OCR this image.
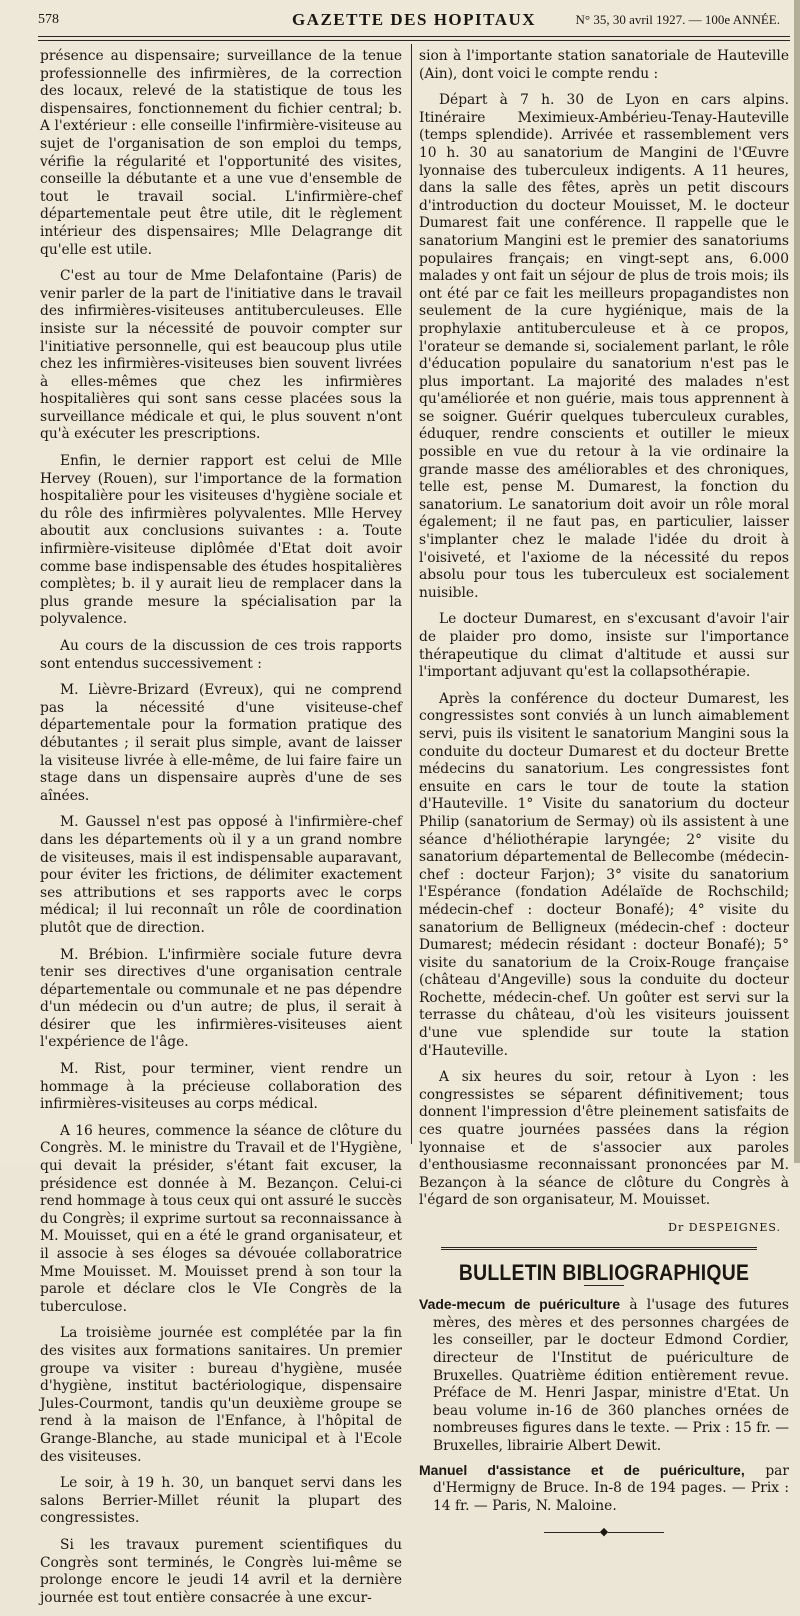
578	GAZETTE DES HOPITAUX	N° 35, 30 avril 1927. — 100e ANNÉE.

présence au dispensaire; surveillance de la tenue professionnelle des infirmières, de la correction des locaux, relevé de la statistique de tous les dispensaires, fonctionnement du fichier central; b. A l'extérieur : elle conseille l'infirmière-visiteuse au sujet de l'organisation de son emploi du temps, vérifie la régularité et l'opportunité des visites, conseille la débutante et a une vue d'ensemble de tout le travail social. L'infirmière-chef départementale peut être utile, dit le règlement intérieur des dispensaires; Mlle Delagrange dit qu'elle est utile.

C'est au tour de Mme Delafontaine (Paris) de venir parler de la part de l'initiative dans le travail des infirmières-visiteuses antituberculeuses. Elle insiste sur la nécessité de pouvoir compter sur l'initiative personnelle, qui est beaucoup plus utile chez les infirmières-visiteuses bien souvent livrées à elles-mêmes que chez les infirmières hospitalières qui sont sans cesse placées sous la surveillance médicale et qui, le plus souvent n'ont qu'à exécuter les prescriptions.

Enfin, le dernier rapport est celui de Mlle Hervey (Rouen), sur l'importance de la formation hospitalière pour les visiteuses d'hygiène sociale et du rôle des infirmières polyvalentes. Mlle Hervey aboutit aux conclusions suivantes : a. Toute infirmière-visiteuse diplômée d'Etat doit avoir comme base indispensable des études hospitalières complètes; b. il y aurait lieu de remplacer dans la plus grande mesure la spécialisation par la polyvalence.

Au cours de la discussion de ces trois rapports sont entendus successivement :

M. Lièvre-Brizard (Evreux), qui ne comprend pas la nécessité d'une visiteuse-chef départementale pour la formation pratique des débutantes ; il serait plus simple, avant de laisser la visiteuse livrée à elle-même, de lui faire faire un stage dans un dispensaire auprès d'une de ses aînées.

M. Gaussel n'est pas opposé à l'infirmière-chef dans les départements où il y a un grand nombre de visiteuses, mais il est indispensable auparavant, pour éviter les frictions, de délimiter exactement ses attributions et ses rapports avec le corps médical; il lui reconnaît un rôle de coordination plutôt que de direction.

M. Brébion. L'infirmière sociale future devra tenir ses directives d'une organisation centrale départementale ou communale et ne pas dépendre d'un médecin ou d'un autre; de plus, il serait à désirer que les infirmières-visiteuses aient l'expérience de l'âge.

M. Rist, pour terminer, vient rendre un hommage à la précieuse collaboration des infirmières-visiteuses au corps médical.

A 16 heures, commence la séance de clôture du Congrès. M. le ministre du Travail et de l'Hygiène, qui devait la présider, s'étant fait excuser, la présidence est donnée à M. Bezançon. Celui-ci rend hommage à tous ceux qui ont assuré le succès du Congrès; il exprime surtout sa reconnaissance à M. Mouisset, qui en a été le grand organisateur, et il associe à ses éloges sa dévouée collaboratrice Mme Mouisset. M. Mouisset prend à son tour la parole et déclare clos le VIe Congrès de la tuberculose.

La troisième journée est complétée par la fin des visites aux formations sanitaires. Un premier groupe va visiter : bureau d'hygiène, musée d'hygiène, institut bactériologique, dispensaire Jules-Courmont, tandis qu'un deuxième groupe se rend à la maison de l'Enfance, à l'hôpital de Grange-Blanche, au stade municipal et à l'Ecole des visiteuses.

Le soir, à 19 h. 30, un banquet servi dans les salons Berrier-Millet réunit la plupart des congressistes.

Si les travaux purement scientifiques du Congrès sont terminés, le Congrès lui-même se prolonge encore le jeudi 14 avril et la dernière journée est tout entière consacrée à une excur-

sion à l'importante station sanatoriale de Hauteville (Ain), dont voici le compte rendu :

Départ à 7 h. 30 de Lyon en cars alpins. Itinéraire Meximieux-Ambérieu-Tenay-Hauteville (temps splendide). Arrivée et rassemblement vers 10 h. 30 au sanatorium de Mangini de l'Œuvre lyonnaise des tuberculeux indigents. A 11 heures, dans la salle des fêtes, après un petit discours d'introduction du docteur Mouisset, M. le docteur Dumarest fait une conférence. Il rappelle que le sanatorium Mangini est le premier des sanatoriums populaires français; en vingt-sept ans, 6.000 malades y ont fait un séjour de plus de trois mois; ils ont été par ce fait les meilleurs propagandistes non seulement de la cure hygiénique, mais de la prophylaxie antituberculeuse et à ce propos, l'orateur se demande si, socialement parlant, le rôle d'éducation populaire du sanatorium n'est pas le plus important. La majorité des malades n'est qu'améliorée et non guérie, mais tous apprennent à se soigner. Guérir quelques tuberculeux curables, éduquer, rendre conscients et outiller le mieux possible en vue du retour à la vie ordinaire la grande masse des améliorables et des chroniques, telle est, pense M. Dumarest, la fonction du sanatorium. Le sanatorium doit avoir un rôle moral également; il ne faut pas, en particulier, laisser s'implanter chez le malade l'idée du droit à l'oisiveté, et l'axiome de la nécessité du repos absolu pour tous les tuberculeux est socialement nuisible.

Le docteur Dumarest, en s'excusant d'avoir l'air de plaider pro domo, insiste sur l'importance thérapeutique du climat d'altitude et aussi sur l'important adjuvant qu'est la collapsothérapie.

Après la conférence du docteur Dumarest, les congressistes sont conviés à un lunch aimablement servi, puis ils visitent le sanatorium Mangini sous la conduite du docteur Dumarest et du docteur Brette médecins du sanatorium. Les congressistes font ensuite en cars le tour de toute la station d'Hauteville. 1° Visite du sanatorium du docteur Philip (sanatorium de Sermay) où ils assistent à une séance d'héliothérapie laryngée; 2° visite du sanatorium départemental de Bellecombe (médecin-chef : docteur Farjon); 3° visite du sanatorium l'Espérance (fondation Adélaïde de Rochschild; médecin-chef : docteur Bonafé); 4° visite du sanatorium de Belligneux (médecin-chef : docteur Dumarest; médecin résidant : docteur Bonafé); 5° visite du sanatorium de la Croix-Rouge française (château d'Angeville) sous la conduite du docteur Rochette, médecin-chef. Un goûter est servi sur la terrasse du château, d'où les visiteurs jouissent d'une vue splendide sur toute la station d'Hauteville.

A six heures du soir, retour à Lyon : les congressistes se séparent définitivement; tous donnent l'impression d'être pleinement satisfaits de ces quatre journées passées dans la région lyonnaise et de s'associer aux paroles d'enthousiasme reconnaissant prononcées par M. Bezançon à la séance de clôture du Congrès à l'égard de son organisateur, M. Mouisset.

Dr DESPEIGNES.
BULLETIN BIBLIOGRAPHIQUE
Vade-mecum de puériculture à l'usage des futures mères, des mères et des personnes chargées de les conseiller, par le docteur Edmond Cordier, directeur de l'Institut de puériculture de Bruxelles. Quatrième édition entièrement revue. Préface de M. Henri Jaspar, ministre d'Etat. Un beau volume in-16 de 360 planches ornées de nombreuses figures dans le texte. — Prix : 15 fr. — Bruxelles, librairie Albert Dewit.
Manuel d'assistance et de puériculture, par d'Hermigny de Bruce. In-8 de 194 pages. — Prix : 14 fr. — Paris, N. Maloine.
◆
